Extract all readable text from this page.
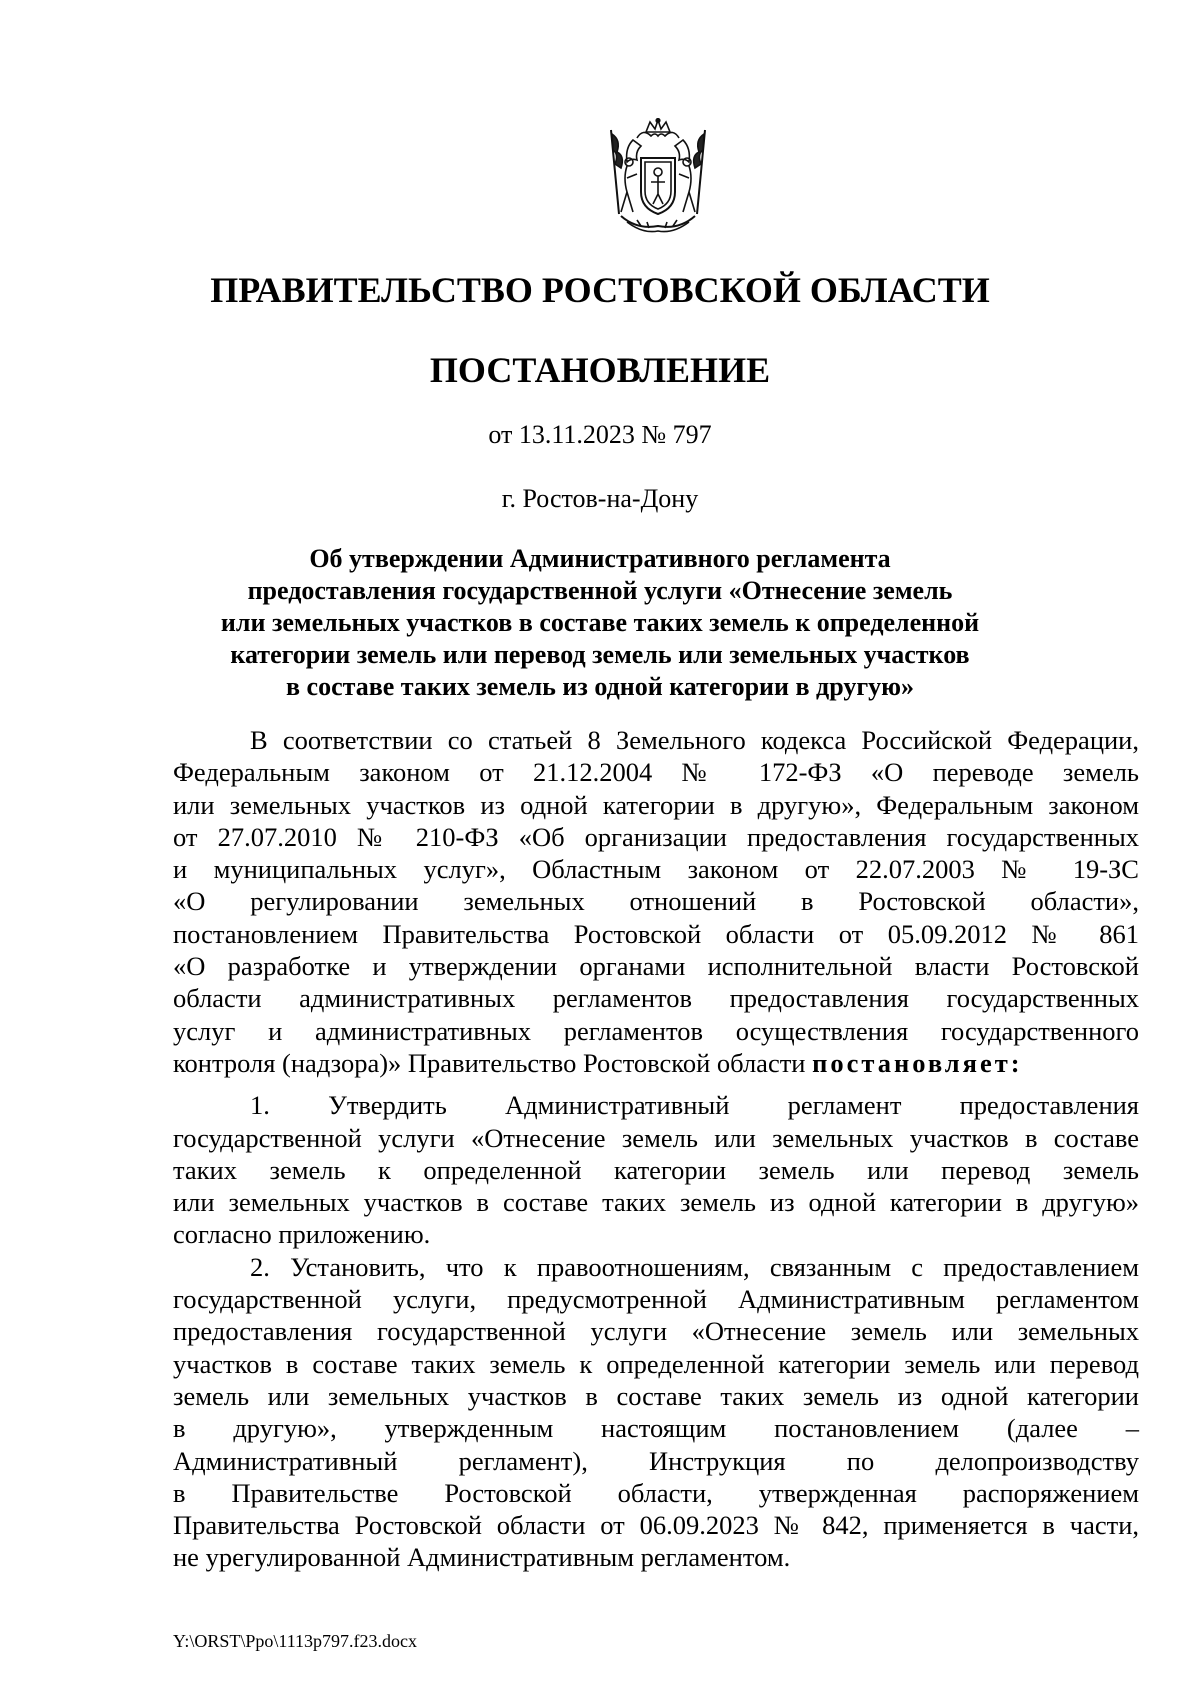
ПРАВИТЕЛЬСТВО РОСТОВСКОЙ ОБЛАСТИ
ПОСТАНОВЛЕНИЕ
от 13.11.2023 № 797
г. Ростов-на-Дону
Об утверждении Административного регламента
предоставления государственной услуги «Отнесение земель
или земельных участков в составе таких земель к определенной
категории земель или перевод земель или земельных участков
в составе таких земель из одной категории в другую»
В соответствии со статьей 8 Земельного кодекса Российской Федерации,
Федеральным законом от 21.12.2004 № 172-ФЗ «О переводе земель
или земельных участков из одной категории в другую», Федеральным законом
от 27.07.2010 № 210-ФЗ «Об организации предоставления государственных
и муниципальных услуг», Областным законом от 22.07.2003 № 19-ЗС
«О регулировании земельных отношений в Ростовской области»,
постановлением Правительства Ростовской области от 05.09.2012 № 861
«О разработке и утверждении органами исполнительной власти Ростовской
области административных регламентов предоставления государственных
услуг и административных регламентов осуществления государственного
контроля (надзора)» Правительство Ростовской области постановляет:
1. Утвердить Административный регламент предоставления
государственной услуги «Отнесение земель или земельных участков в составе
таких земель к определенной категории земель или перевод земель
или земельных участков в составе таких земель из одной категории в другую»
согласно приложению.
2. Установить, что к правоотношениям, связанным с предоставлением
государственной услуги, предусмотренной Административным регламентом
предоставления государственной услуги «Отнесение земель или земельных
участков в составе таких земель к определенной категории земель или перевод
земель или земельных участков в составе таких земель из одной категории
в другую», утвержденным настоящим постановлением (далее –
Административный регламент), Инструкция по делопроизводству
в Правительстве Ростовской области, утвержденная распоряжением
Правительства Ростовской области от 06.09.2023 № 842, применяется в части,
не урегулированной Административным регламентом.
Y:\ORST\Ppo\1113p797.f23.docx
